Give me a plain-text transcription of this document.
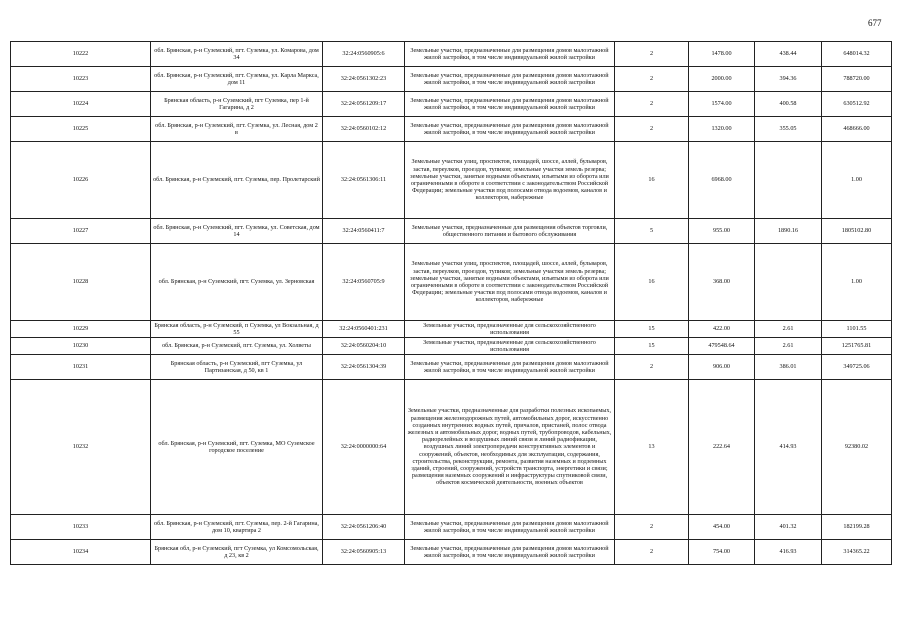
677
10222	обл. Брянская, р-н Суземский, пгт. Суземка, ул. Комарова, дом 34	32:24:0560905:6	Земельные участки, предназначенные для размещения домов малоэтажной жилой застройки, в том числе индивидуальной жилой застройки	2	1478.00	438.44	648014.32
10223	обл. Брянская, р-н Суземский, пгт. Суземка, ул. Карла Маркса, дом 11	32:24:0561302:23	Земельные участки, предназначенные для размещения домов малоэтажной жилой застройки, в том числе индивидуальной жилой застройки	2	2000.00	394.36	788720.00
10224	Брянская область, р-н Суземский, пгт Суземка, пер 1-й Гагарина, д 2	32:24:0561209:17	Земельные участки, предназначенные для размещения домов малоэтажной жилой застройки, в том числе индивидуальной жилой застройки	2	1574.00	400.58	630512.92
10225	обл. Брянская, р-н Суземский, пгт. Суземка, ул. Лесная, дом 2 в	32:24:0560102:12	Земельные участки, предназначенные для размещения домов малоэтажной жилой застройки, в том числе индивидуальной жилой застройки	2	1320.00	355.05	468666.00
10226	обл. Брянская, р-н Суземский, пгт. Суземка, пер. Пролетарский	32:24:0561306:11	Земельные участки улиц, проспектов, площадей, шоссе, аллей, бульваров, застав, переулков, проездов, тупиков; земельные участки земель резерва; земельные участки, занятые водными объектами, изъятыми из оборота или ограниченными в обороте в соответствии с законодательством Российской Федерации; земельные участки под полосами отвода водоемов, каналов и коллекторов, набережные	16	6968.00		1.00
10227	обл. Брянская, р-н Суземский, пгт. Суземка, ул. Советская, дом 14	32:24:0560411:7	Земельные участки, предназначенные для размещения объектов торговли, общественного питания и бытового обслуживания	5	955.00	1890.16	1805102.80
10228	обл. Брянская, р-н Суземский, пгт. Суземка, ул. Зерновская	32:24:0560705:9	Земельные участки улиц, проспектов, площадей, шоссе, аллей, бульваров, застав, переулков, проездов, тупиков; земельные участки земель резерва; земельные участки, занятые водными объектами, изъятыми из оборота или ограниченными в обороте в соответствии с законодательством Российской Федерации; земельные участки под полосами отвода водоемов, каналов и коллекторов, набережные	16	368.00		1.00
10229	Брянская область, р-н Суземский, п Суземка, ул Вокзальная, д 55	32:24:0560401:231	Земельные участки, предназначенные для сельскохозяйственного использования	15	422.00	2.61	1101.55
10230	обл. Брянская, р-н Суземский, пгт. Суземка, ул. Холветы	32:24:0560204:10	Земельные участки, предназначенные для сельскохозяйственного использования	15	479548.64	2.61	1251765.81
10231	Брянская область, р-н Суземский, пгт Суземка, ул Партизанская, д 50, кв 1	32:24:0561304:39	Земельные участки, предназначенные для размещения домов малоэтажной жилой застройки, в том числе индивидуальной жилой застройки	2	906.00	386.01	349725.06
10232	обл. Брянская, р-н Суземский, пгт. Суземка, МО Суземское городское поселение	32:24:0000000:64	Земельные участки, предназначенные для разработки полезных ископаемых, размещения железнодорожных путей, автомобильных дорог, искусственно созданных внутренних водных путей, причалов, пристаней, полос отвода железных и автомобильных дорог, водных путей, трубопроводов, кабельных, радиорелейных и воздушных линий связи и линий радиофикации, воздушных линий электропередачи конструктивных элементов и сооружений, объектов, необходимых для эксплуатации, содержания, строительства, реконструкции, ремонта, развития наземных и подземных зданий, строений, сооружений, устройств транспорта, энергетики и связи; размещения наземных сооружений и инфраструктуры спутниковой связи, объектов космической деятельности, военных объектов	13	222.64	414.93	92380.02
10233	обл. Брянская, р-н Суземский, пгт. Суземка, пер. 2-й Гагарина, дом 10, квартира 2	32:24:0561206:40	Земельные участки, предназначенные для размещения домов малоэтажной жилой застройки, в том числе индивидуальной жилой застройки	2	454.00	401.32	182199.28
10234	Брянская обл, р-н Суземский, пгт Суземка, ул Комсомольская, д 23, кв 2	32:24:0560905:13	Земельные участки, предназначенные для размещения домов малоэтажной жилой застройки, в том числе индивидуальной жилой застройки	2	754.00	416.93	314365.22
